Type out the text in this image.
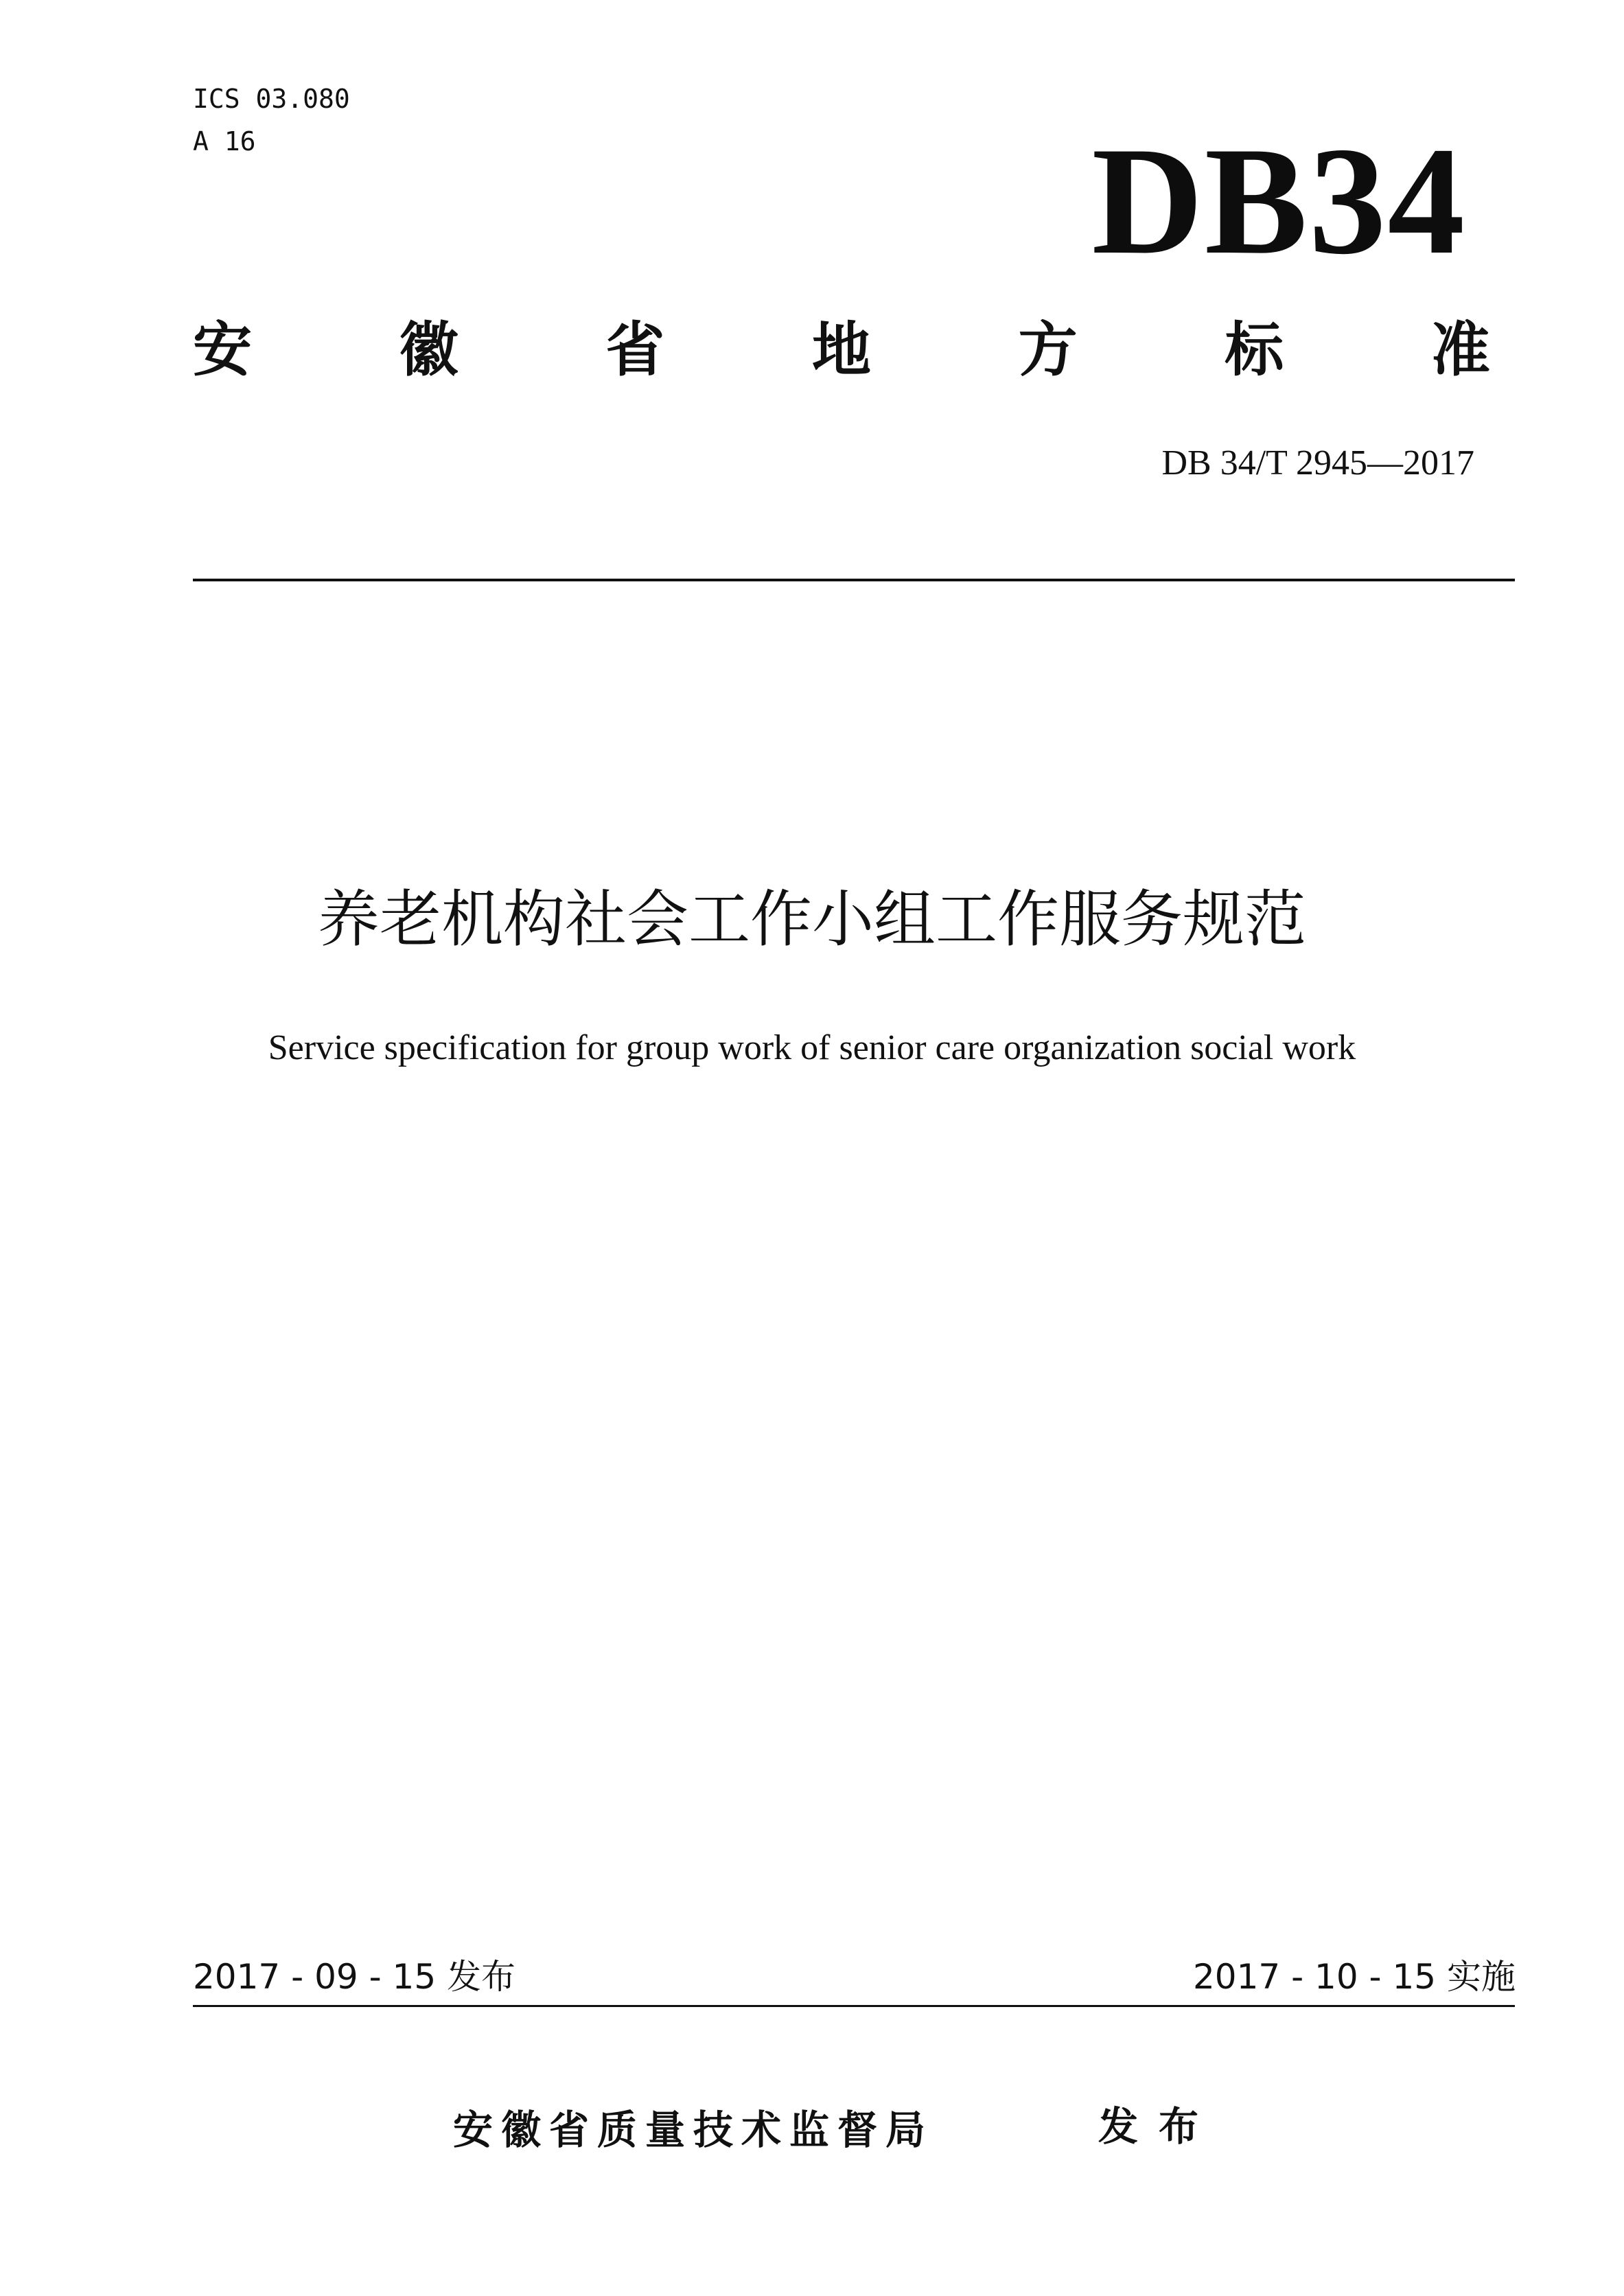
ICS 03.080
A 16	DB34
安 徽 省 地 方 标 准
DB 34/T 2945—2017
养老机构社会工作小组工作服务规范
Service specification for group work of senior care organization social work
2017 - 09 - 15 发布	2017 - 10 - 15 实施
安徽省质量技术监督局	发布
